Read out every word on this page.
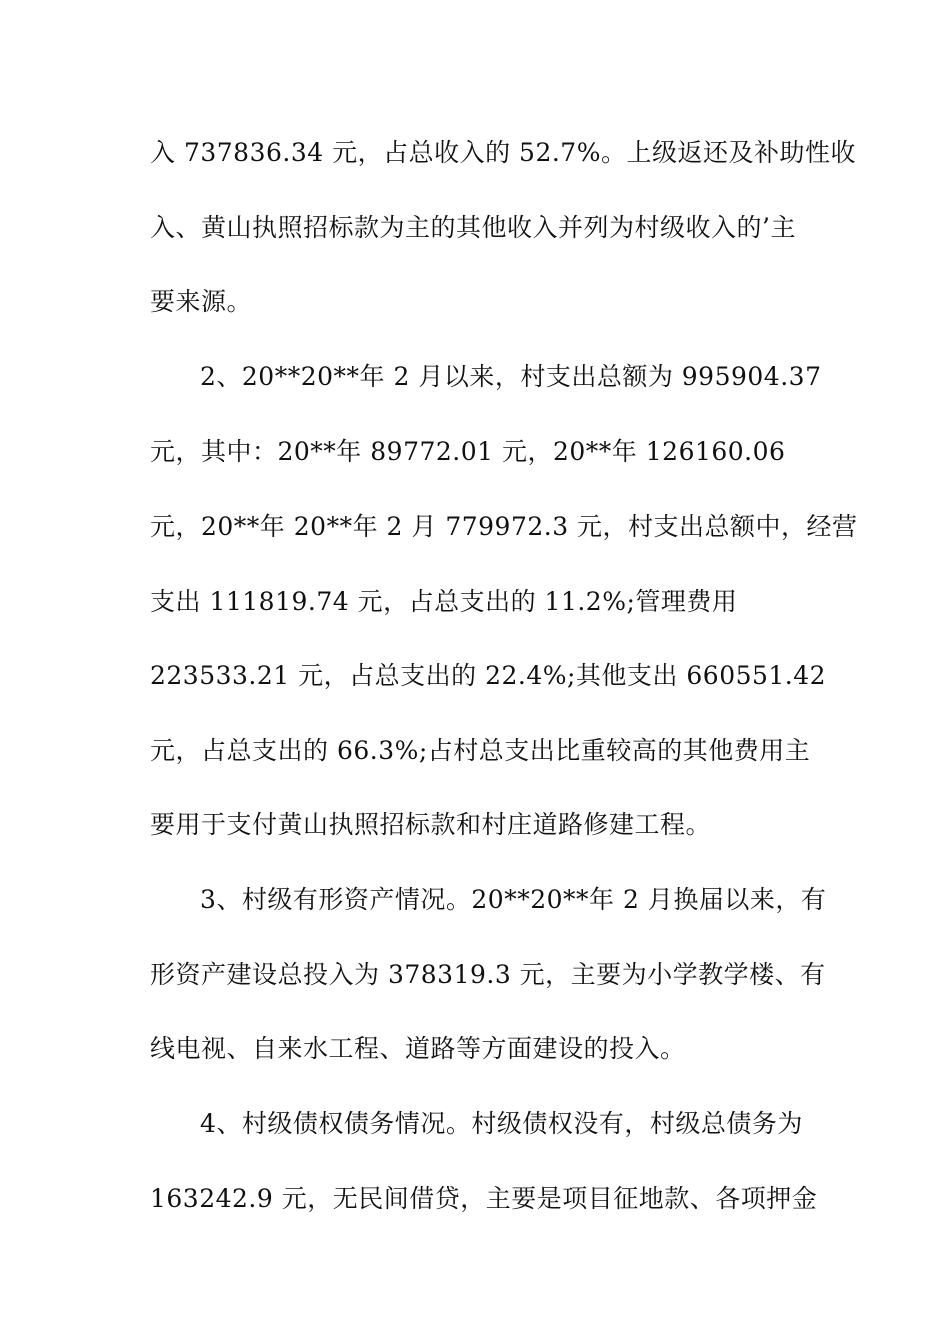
入 737836.34 元，占总收入的 52.7%。上级返还及补助性收
入、黄山执照招标款为主的其他收入并列为村级收入的’主
要来源。
2、20**20**年 2 月以来，村支出总额为 995904.37
元，其中：20**年 89772.01 元，20**年 126160.06
元，20**年 20**年 2 月 779972.3 元，村支出总额中，经营
支出 111819.74 元，占总支出的 11.2%;管理费用
223533.21 元，占总支出的 22.4%;其他支出 660551.42
元，占总支出的 66.3%;占村总支出比重较高的其他费用主
要用于支付黄山执照招标款和村庄道路修建工程。
3、村级有形资产情况。20**20**年 2 月换届以来，有
形资产建设总投入为 378319.3 元，主要为小学教学楼、有
线电视、自来水工程、道路等方面建设的投入。
4、村级债权债务情况。村级债权没有，村级总债务为
163242.9 元，无民间借贷，主要是项目征地款、各项押金
